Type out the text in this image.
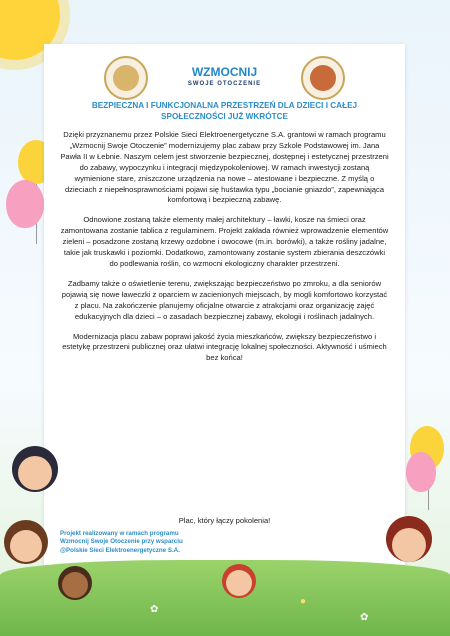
WZMOCNIJ
SWOJE OTOCZENIE
BEZPIECZNA I FUNKCJONALNA PRZESTRZEŃ DLA DZIECI I CAŁEJ
SPOŁECZNOŚCI JUŻ WKRÓTCE

Dzięki przyznanemu przez Polskie Sieci Elektroenergetyczne S.A. grantowi w ramach programu „Wzmocnij Swoje Otoczenie” modernizujemy plac zabaw przy Szkole Podstawowej im. Jana Pawła II w Łebnie. Naszym celem jest stworzenie bezpiecznej, dostępnej i estetycznej przestrzeni do zabawy, wypoczynku i integracji międzypokoleniowej. W ramach inwestycji zostaną wymienione stare, zniszczone urządzenia na nowe – atestowane i bezpieczne. Z myślą o dzieciach z niepełnosprawnościami pojawi się huśtawka typu „bocianie gniazdo”, zapewniająca komfortową i bezpieczną zabawę.

Odnowione zostaną także elementy małej architektury – ławki, kosze na śmieci oraz zamontowana zostanie tablica z regulaminem. Projekt zakłada również wprowadzenie elementów zieleni – posadzone zostaną krzewy ozdobne i owocowe (m.in. borówki), a także rośliny jadalne, takie jak truskawki i poziomki. Dodatkowo, zamontowany zostanie system zbierania deszczówki do podlewania roślin, co wzmocni ekologiczny charakter przestrzeni.

Zadbamy także o oświetlenie terenu, zwiększając bezpieczeństwo po zmroku, a dla seniorów pojawią się nowe ławeczki z oparciem w zacienionych miejscach, by mogli komfortowo korzystać z placu. Na zakończenie planujemy oficjalne otwarcie z atrakcjami oraz organizację zajęć edukacyjnych dla dzieci – o zasadach bezpiecznej zabawy, ekologii i roślinach jadalnych.

Modernizacja placu zabaw poprawi jakość życia mieszkańców, zwiększy bezpieczeństwo i estetykę przestrzeni publicznej oraz ułatwi integrację lokalnej społeczności. Aktywność i uśmiech bez końca!

Plac, który łączy pokolenia!
✿
✿
●
Projekt realizowany w ramach programu
Wzmocnij Swoje Otoczenie przy wsparciu
@Polskie Sieci Elektroenergetyczne S.A.
